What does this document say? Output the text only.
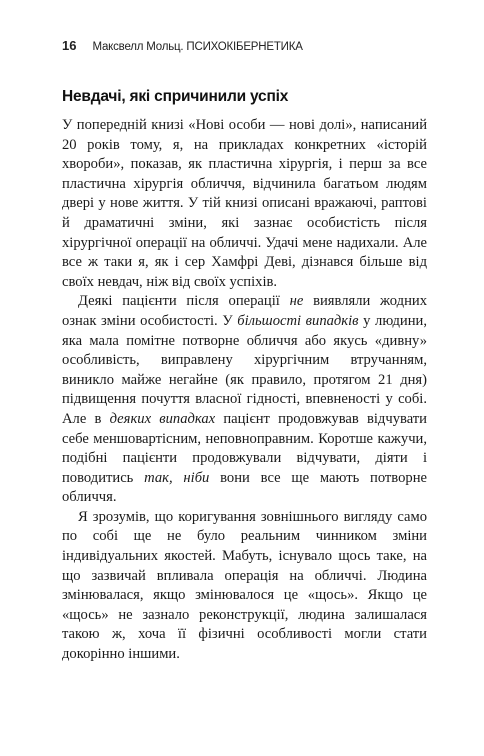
16 Максвелл Мольц. ПСИХОКІБЕРНЕТИКА
Невдачі, які спричинили успіх

У попередній книзі «Нові особи — нові долі», написаний 20 років тому, я, на прикладах конкретних «історій хвороби», показав, як пластична хірургія, і перш за все пластична хірургія обличчя, відчинила багатьом людям двері у нове життя. У тій книзі описані вражаючі, раптові й драматичні зміни, які зазнає особистість після хірургічної операції на обличчі. Удачі мене надихали. Але все ж таки я, як і сер Хамфрі Деві, дізнався більше від своїх невдач, ніж від своїх успіхів.

Деякі пацієнти після операції не виявляли жодних ознак зміни особистості. У більшості випадків у людини, яка мала помітне потворне обличчя або якусь «дивну» особливість, виправлену хірургічним втручанням, виникло майже негайне (як правило, протягом 21 дня) підвищення почуття власної гідності, впевненості у собі. Але в деяких випадках пацієнт продовжував відчувати себе меншовартісним, неповноправним. Коротше кажучи, подібні пацієнти продовжували відчувати, діяти і поводитись так, ніби вони все ще мають потворне обличчя.

Я зрозумів, що коригування зовнішнього вигляду само по собі ще не було реальним чинником зміни індивідуальних якостей. Мабуть, існувало щось таке, на що зазвичай впливала операція на обличчі. Людина змінювалася, якщо змінювалося це «щось». Якщо це «щось» не зазнало реконструкції, людина залишалася такою ж, хоча її фізичні особливості могли стати докорінно іншими.
